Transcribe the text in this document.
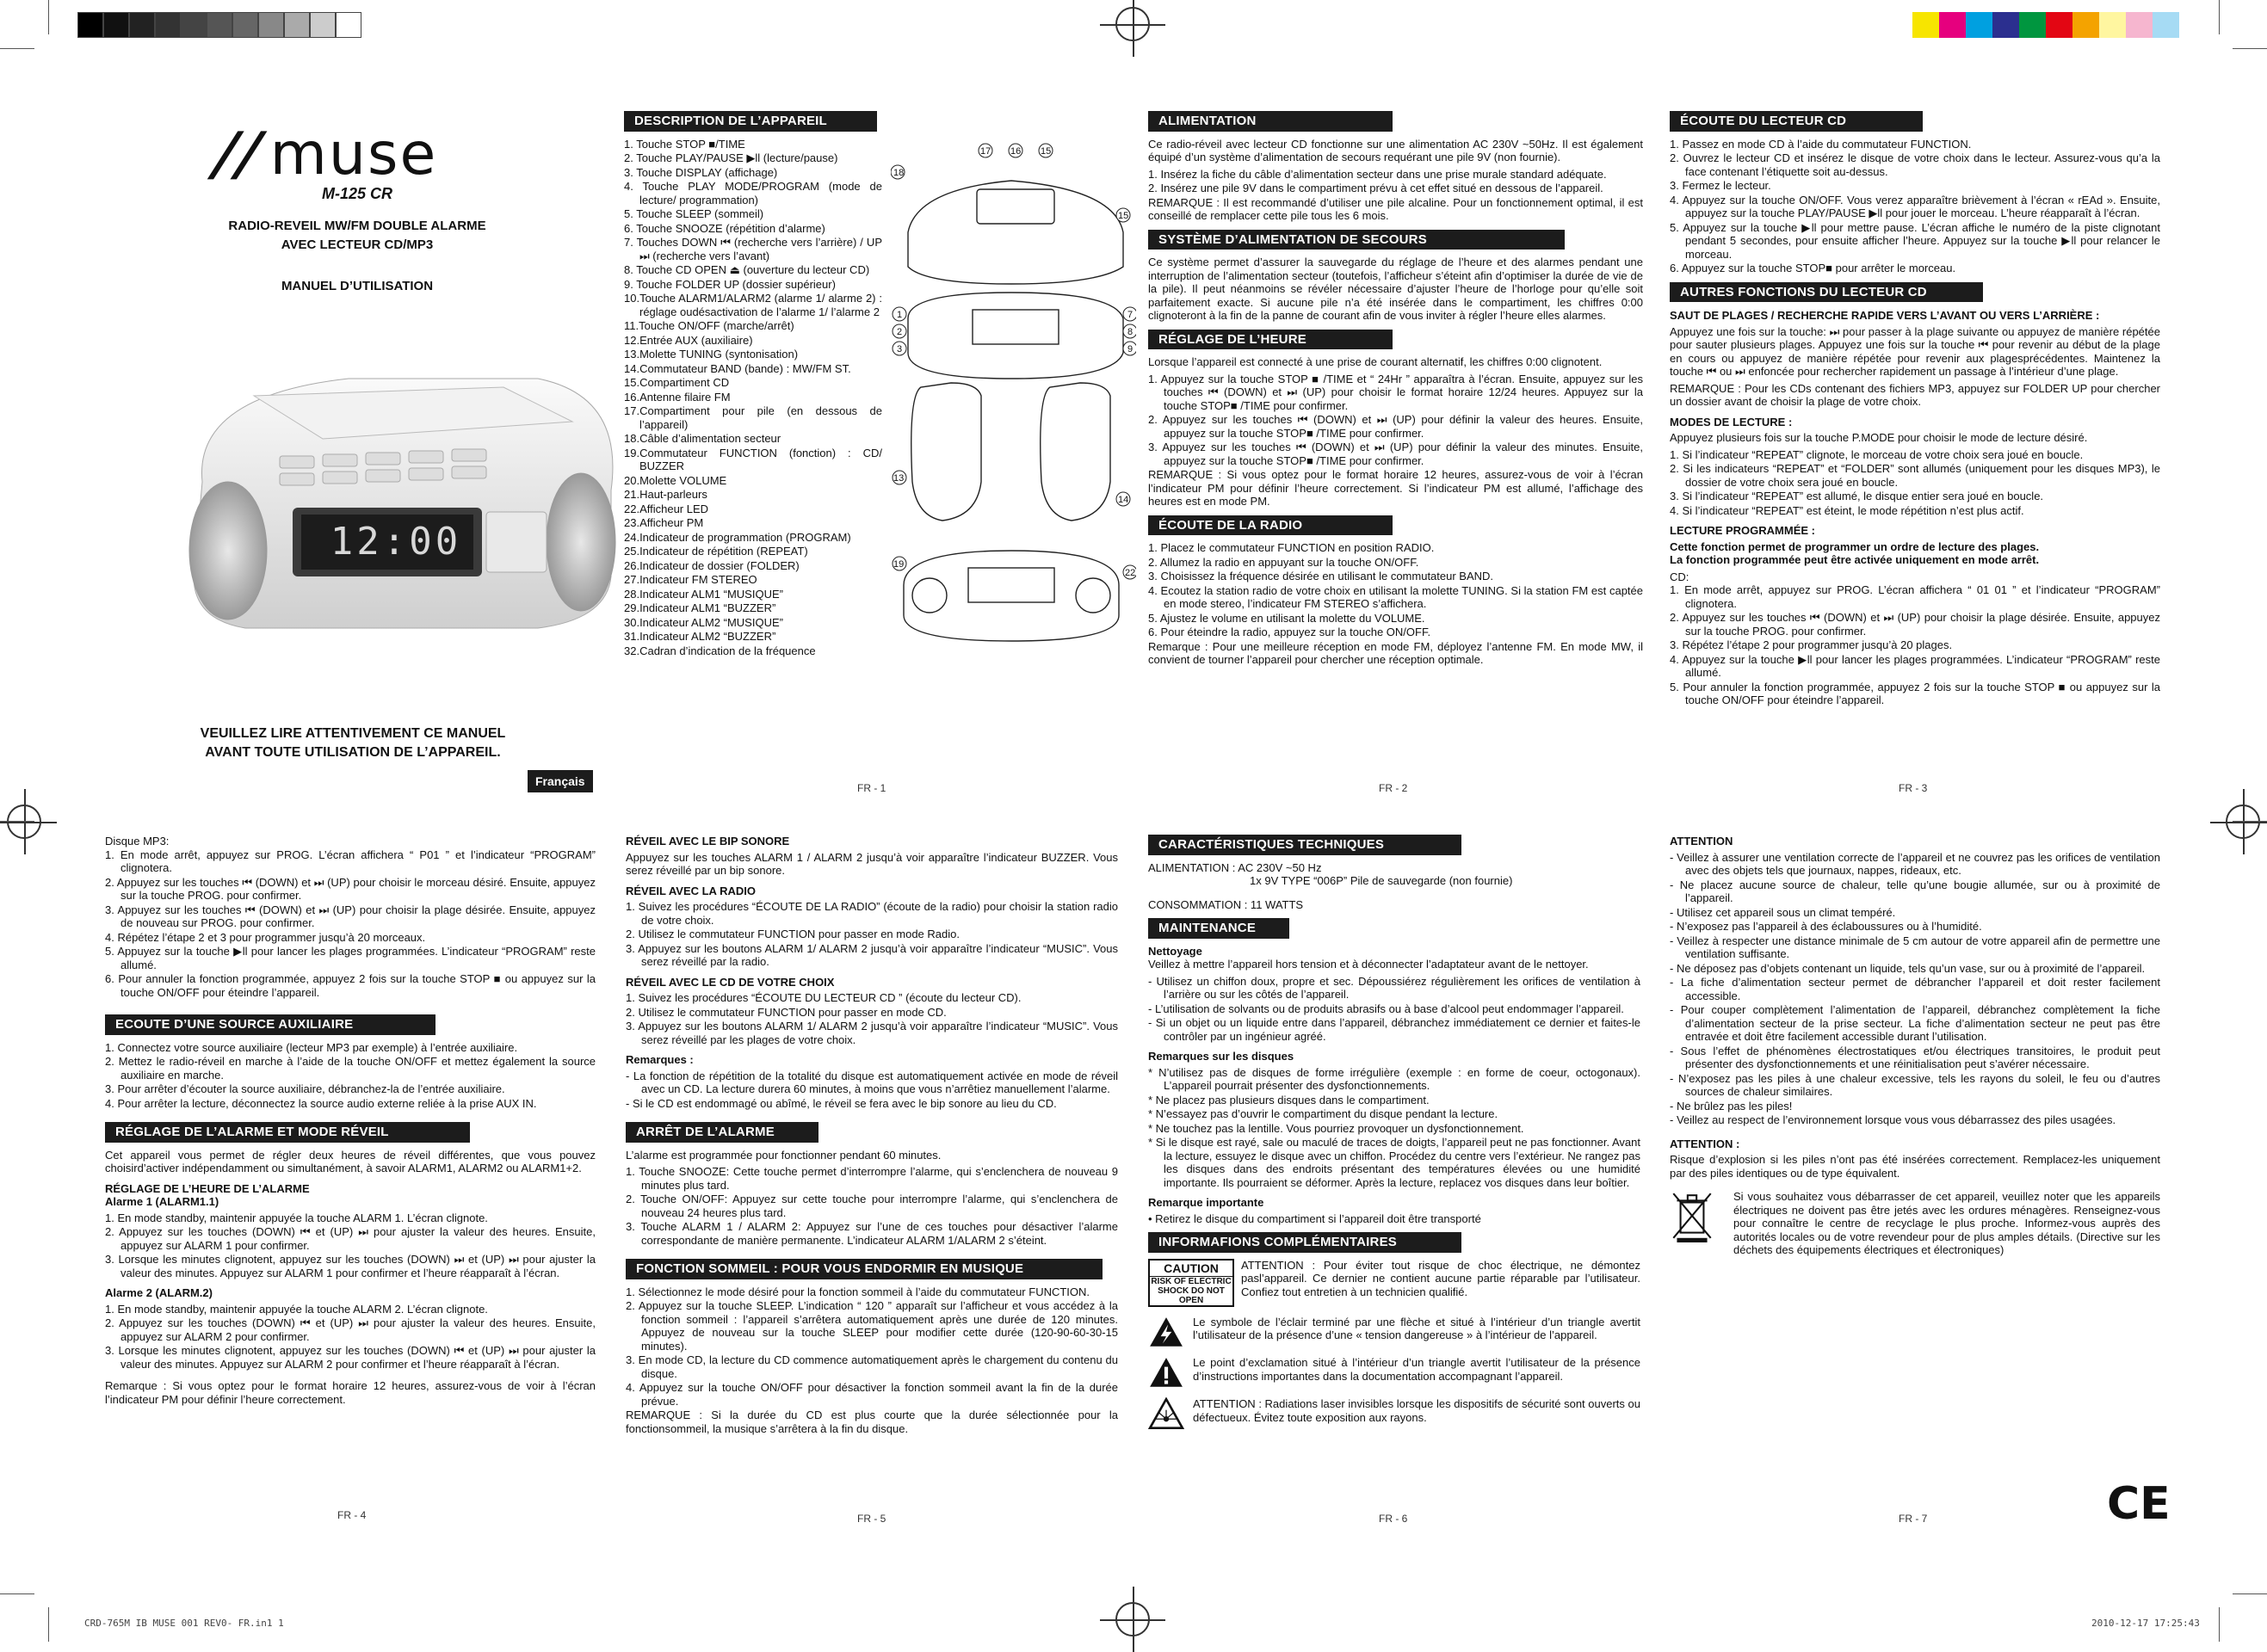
//muse
M-125 CR
RADIO-REVEIL MW/FM DOUBLE ALARME
AVEC LECTEUR CD/MP3
MANUEL D’UTILISATION
12:00
VEUILLEZ LIRE ATTENTIVEMENT CE MANUEL
AVANT TOUTE UTILISATION DE L’APPAREIL.
Français
DESCRIPTION DE L’APPAREIL
1. Touche STOP ■/TIME
2. Touche PLAY/PAUSE ▶ll (lecture/pause)
3. Touche DISPLAY (affichage)
4. Touche PLAY MODE/PROGRAM (mode de lecture/ programmation)
5. Touche SLEEP (sommeil)
6. Touche SNOOZE (répétition d’alarme)
7. Touches DOWN ⏮ (recherche vers l’arrière) / UP ⏭ (recherche vers l’avant)
8. Touche CD OPEN ⏏ (ouverture du lecteur CD)
9. Touche FOLDER UP (dossier supérieur)
10.Touche ALARM1/ALARM2 (alarme 1/ alarme 2) : réglage oudésactivation de l’alarme 1/ l’alarme 2
11.Touche ON/OFF (marche/arrêt)
12.Entrée AUX (auxiliaire)
13.Molette TUNING (syntonisation)
14.Commutateur BAND (bande) : MW/FM ST.
15.Compartiment CD
16.Antenne filaire FM
17.Compartiment pour pile (en dessous de l’appareil)
18.Câble d’alimentation secteur
19.Commutateur FUNCTION (fonction) : CD/ BUZZER
20.Molette VOLUME
21.Haut-parleurs
22.Afficheur LED
23.Afficheur PM
24.Indicateur de programmation (PROGRAM)
25.Indicateur de répétition (REPEAT)
26.Indicateur de dossier (FOLDER)
27.Indicateur FM STEREO
28.Indicateur ALM1 “MUSIQUE”
29.Indicateur ALM1 “BUZZER”
30.Indicateur ALM2 “MUSIQUE”
31.Indicateur ALM2 “BUZZER”
32.Cadran d’indication de la fréquence
18
17 16 15
15
1
2
3
7
8
9
13
14
19
22
ALIMENTATION
Ce radio-réveil avec lecteur CD fonctionne sur une alimentation AC 230V ~50Hz. Il est également équipé d’un système d’alimentation de secours requérant une pile 9V (non fournie).
1. Insérez la fiche du câble d’alimentation secteur dans une prise murale standard adéquate.
2. Insérez une pile 9V dans le compartiment prévu à cet effet situé en dessous de l’appareil.
REMARQUE : Il est recommandé d’utiliser une pile alcaline. Pour un fonctionnement optimal, il est conseillé de remplacer cette pile tous les 6 mois.
SYSTÈME D’ALIMENTATION DE SECOURS
Ce système permet d’assurer la sauvegarde du réglage de l’heure et des alarmes pendant une interruption de l’alimentation secteur (toutefois, l’afficheur s’éteint afin d’optimiser la durée de vie de la pile). Il peut néanmoins se révéler nécessaire d’ajuster l’heure de l’horloge pour qu’elle soit parfaitement exacte. Si aucune pile n’a été insérée dans le compartiment, les chiffres 0:00 clignoteront à la fin de la panne de courant afin de vous inviter à régler l’heure elles alarmes.
RÉGLAGE DE L’HEURE
Lorsque l’appareil est connecté à une prise de courant alternatif, les chiffres 0:00 clignotent.
1. Appuyez sur la touche STOP ■ /TIME et “ 24Hr ” apparaîtra à l’écran. Ensuite, appuyez sur les touches ⏮ (DOWN) et ⏭ (UP) pour choisir le format horaire 12/24 heures. Appuyez sur la touche STOP■ /TIME pour confirmer.
2. Appuyez sur les touches ⏮ (DOWN) et ⏭ (UP) pour définir la valeur des heures. Ensuite, appuyez sur la touche STOP■ /TIME pour confirmer.
3. Appuyez sur les touches ⏮ (DOWN) et ⏭ (UP) pour définir la valeur des minutes. Ensuite, appuyez sur la touche STOP■ /TIME pour confirmer.
REMARQUE : Si vous optez pour le format horaire 12 heures, assurez-vous de voir à l’écran l’indicateur PM pour définir l’heure correctement. Si l’indicateur PM est allumé, l’affichage des heures est en mode PM.
ÉCOUTE DE LA RADIO
1. Placez le commutateur FUNCTION en position RADIO.
2. Allumez la radio en appuyant sur la touche ON/OFF.
3. Choisissez la fréquence désirée en utilisant le commutateur BAND.
4. Ecoutez la station radio de votre choix en utilisant la molette TUNING. Si la station FM est captée en mode stereo, l’indicateur FM STEREO s’affichera.
5. Ajustez le volume en utilisant la molette du VOLUME.
6. Pour éteindre la radio, appuyez sur la touche ON/OFF.
Remarque : Pour une meilleure réception en mode FM, déployez l’antenne FM. En mode MW, il convient de tourner l’appareil pour chercher une réception optimale.
ÉCOUTE DU LECTEUR CD
1. Passez en mode CD à l’aide du commutateur FUNCTION.
2. Ouvrez le lecteur CD et insérez le disque de votre choix dans le lecteur. Assurez-vous qu’a la face contenant l’étiquette soit au-dessus.
3. Fermez le lecteur.
4. Appuyez sur la touche ON/OFF. Vous verez apparaître brièvement à l’écran « rEAd ». Ensuite, appuyez sur la touche PLAY/PAUSE ▶ll pour jouer le morceau. L’heure réapparaît à l’écran.
5. Appuyez sur la touche ▶ll pour mettre pause. L’écran affiche le numéro de la piste clignotant pendant 5 secondes, pour ensuite afficher l’heure. Appuyez sur la touche ▶ll pour relancer le morceau.
6. Appuyez sur la touche STOP■ pour arrêter le morceau.
AUTRES FONCTIONS DU LECTEUR CD
SAUT DE PLAGES / RECHERCHE RAPIDE VERS L’AVANT OU VERS L’ARRIÈRE :
Appuyez une fois sur la touche: ⏭ pour passer à la plage suivante ou appuyez de manière répétée pour sauter plusieurs plages. Appuyez une fois sur la touche ⏮ pour revenir au début de la plage en cours ou appuyez de manière répétée pour revenir aux plagesprécédentes. Maintenez la touche ⏮ ou ⏭ enfoncée pour rechercher rapidement un passage à l’intérieur d’une plage.
REMARQUE : Pour les CDs contenant des fichiers MP3, appuyez sur FOLDER UP pour chercher un dossier avant de choisir la plage de votre choix.
MODES DE LECTURE :
Appuyez plusieurs fois sur la touche P.MODE pour choisir le mode de lecture désiré.
1. Si l’indicateur “REPEAT” clignote, le morceau de votre choix sera joué en boucle.
2. Si les indicateurs “REPEAT” et “FOLDER” sont allumés (uniquement pour les disques MP3), le dossier de votre choix sera joué en boucle.
3. Si l’indicateur “REPEAT” est allumé, le disque entier sera joué en boucle.
4. Si l’indicateur “REPEAT” est éteint, le mode répétition n’est plus actif.
LECTURE PROGRAMMÉE :
Cette fonction permet de programmer un ordre de lecture des plages.
La fonction programmée peut être activée uniquement en mode arrêt.
CD:
1. En mode arrêt, appuyez sur PROG. L’écran affichera “ 01 01 ” et l’indicateur “PROGRAM” clignotera.
2. Appuyez sur les touches ⏮ (DOWN) et ⏭ (UP) pour choisir la plage désirée. Ensuite, appuyez sur la touche PROG. pour confirmer.
3. Répétez l’étape 2 pour programmer jusqu’à 20 plages.
4. Appuyez sur la touche ▶ll pour lancer les plages programmées. L’indicateur “PROGRAM” reste allumé.
5. Pour annuler la fonction programmée, appuyez 2 fois sur la touche STOP ■ ou appuyez sur la touche ON/OFF pour éteindre l’appareil.
Disque MP3:
1. En mode arrêt, appuyez sur PROG. L’écran affichera “ P01 ” et l’indicateur “PROGRAM” clignotera.
2. Appuyez sur les touches ⏮ (DOWN) et ⏭ (UP) pour choisir le morceau désiré. Ensuite, appuyez sur la touche PROG. pour confirmer.
3. Appuyez sur les touches ⏮ (DOWN) et ⏭ (UP) pour choisir la plage désirée. Ensuite, appuyez de nouveau sur PROG. pour confirmer.
4. Répétez l’étape 2 et 3 pour programmer jusqu’à 20 morceaux.
5. Appuyez sur la touche ▶ll pour lancer les plages programmées. L’indicateur “PROGRAM” reste allumé.
6. Pour annuler la fonction programmée, appuyez 2 fois sur la touche STOP ■ ou appuyez sur la touche ON/OFF pour éteindre l’appareil.
ECOUTE D’UNE SOURCE AUXILIAIRE
1. Connectez votre source auxiliaire (lecteur MP3 par exemple) à l’entrée auxiliaire.
2. Mettez le radio-réveil en marche à l’aide de la touche ON/OFF et mettez également la source auxiliaire en marche.
3. Pour arrêter d’écouter la source auxiliaire, débranchez-la de l’entrée auxiliaire.
4. Pour arrêter la lecture, déconnectez la source audio externe reliée à la prise AUX IN.
RÉGLAGE DE L’ALARME ET MODE RÉVEIL
Cet appareil vous permet de régler deux heures de réveil différentes, que vous pouvez choisird’activer indépendamment ou simultanément, à savoir ALARM1, ALARM2 ou ALARM1+2.
RÉGLAGE DE L’HEURE DE L’ALARME
Alarme 1 (ALARM1.1)
1. En mode standby, maintenir appuyée la touche ALARM 1. L’écran clignote.
2. Appuyez sur les touches (DOWN) ⏮ et (UP) ⏭ pour ajuster la valeur des heures. Ensuite, appuyez sur ALARM 1 pour confirmer.
3. Lorsque les minutes clignotent, appuyez sur les touches (DOWN) ⏭ et (UP) ⏭ pour ajuster la valeur des minutes. Appuyez sur ALARM 1 pour confirmer et l’heure réapparaît à l’écran.
Alarme 2 (ALARM.2)
1. En mode standby, maintenir appuyée la touche ALARM 2. L’écran clignote.
2. Appuyez sur les touches (DOWN) ⏮ et (UP) ⏭ pour ajuster la valeur des heures. Ensuite, appuyez sur ALARM 2 pour confirmer.
3. Lorsque les minutes clignotent, appuyez sur les touches (DOWN) ⏮ et (UP) ⏭ pour ajuster la valeur des minutes. Appuyez sur ALARM 2 pour confirmer et l’heure réapparaît à l’écran.
Remarque : Si vous optez pour le format horaire 12 heures, assurez-vous de voir à l’écran l’indicateur PM pour définir l’heure correctement.
RÉVEIL AVEC LE BIP SONORE
Appuyez sur les touches ALARM 1 / ALARM 2 jusqu’à voir apparaître l’indicateur BUZZER. Vous serez réveillé par un bip sonore.
RÉVEIL AVEC LA RADIO
1. Suivez les procédures “ÉCOUTE DE LA RADIO” (écoute de la radio) pour choisir la station radio de votre choix.
2. Utilisez le commutateur FUNCTION pour passer en mode Radio.
3. Appuyez sur les boutons ALARM 1/ ALARM 2 jusqu’à voir apparaître l’indicateur “MUSIC”. Vous serez réveillé par la radio.
RÉVEIL AVEC LE CD DE VOTRE CHOIX
1. Suivez les procédures “ÉCOUTE DU LECTEUR CD ” (écoute du lecteur CD).
2. Utilisez le commutateur FUNCTION pour passer en mode CD.
3. Appuyez sur les boutons ALARM 1/ ALARM 2 jusqu’à voir apparaître l’indicateur “MUSIC”. Vous serez réveillé par les plages de votre choix.
Remarques :
- La fonction de répétition de la totalité du disque est automatiquement activée en mode de réveil avec un CD. La lecture durera 60 minutes, à moins que vous n’arrêtiez manuellement l’alarme.
- Si le CD est endommagé ou abîmé, le réveil se fera avec le bip sonore au lieu du CD.
ARRÊT DE L’ALARME
L’alarme est programmée pour fonctionner pendant 60 minutes.
1. Touche SNOOZE: Cette touche permet d’interrompre l’alarme, qui s’enclenchera de nouveau 9 minutes plus tard.
2. Touche ON/OFF: Appuyez sur cette touche pour interrompre l’alarme, qui s’enclenchera de nouveau 24 heures plus tard.
3. Touche ALARM 1 / ALARM 2: Appuyez sur l’une de ces touches pour désactiver l’alarme correspondante de manière permanente. L’indicateur ALARM 1/ALARM 2 s’éteint.
FONCTION SOMMEIL : POUR VOUS ENDORMIR EN MUSIQUE
1. Sélectionnez le mode désiré pour la fonction sommeil à l’aide du commutateur FUNCTION.
2. Appuyez sur la touche SLEEP. L’indication “ 120 ” apparaît sur l’afficheur et vous accédez à la fonction sommeil : l’appareil s’arrêtera automatiquement après une durée de 120 minutes. Appuyez de nouveau sur la touche SLEEP pour modifier cette durée (120-90-60-30-15 minutes).
3. En mode CD, la lecture du CD commence automatiquement après le chargement du contenu du disque.
4. Appuyez sur la touche ON/OFF pour désactiver la fonction sommeil avant la fin de la durée prévue.
REMARQUE : Si la durée du CD est plus courte que la durée sélectionnée pour la fonctionsommeil, la musique s’arrêtera à la fin du disque.
CARACTÉRISTIQUES TECHNIQUES
ALIMENTATION : AC 230V ~50 Hz
1x 9V TYPE “006P” Pile de sauvegarde (non fournie)
CONSOMMATION : 11 WATTS
MAINTENANCE
Nettoyage
Veillez à mettre l’appareil hors tension et à déconnecter l’adaptateur avant de le nettoyer.
- Utilisez un chiffon doux, propre et sec. Dépoussiérez régulièrement les orifices de ventilation à l’arrière ou sur les côtés de l’appareil.
- L’utilisation de solvants ou de produits abrasifs ou à base d’alcool peut endommager l’appareil.
- Si un objet ou un liquide entre dans l’appareil, débranchez immédiatement ce dernier et faites-le contrôler par un ingénieur agréé.
Remarques sur les disques
* N’utilisez pas de disques de forme irrégulière (exemple : en forme de coeur, octogonaux). L’appareil pourrait présenter des dysfonctionnements.
* Ne placez pas plusieurs disques dans le compartiment.
* N’essayez pas d’ouvrir le compartiment du disque pendant la lecture.
* Ne touchez pas la lentille. Vous pourriez provoquer un dysfonctionnement.
* Si le disque est rayé, sale ou maculé de traces de doigts, l’appareil peut ne pas fonctionner. Avant la lecture, essuyez le disque avec un chiffon. Procédez du centre vers l’extérieur. Ne rangez pas les disques dans des endroits présentant des températures élevées ou une humidité importante. Ils pourraient se déformer. Après la lecture, replacez vos disques dans leur boîtier.
Remarque importante
• Retirez le disque du compartiment si l’appareil doit être transporté
INFORMAFIONS COMPLÉMENTAIRES
CAUTION
RISK OF ELECTRIC SHOCK DO NOT OPEN
ATTENTION : Pour éviter tout risque de choc électrique, ne démontez pasl’appareil. Ce dernier ne contient aucune partie réparable par l’utilisateur. Confiez tout entretien à un technicien qualifié.
Le symbole de l’éclair terminé par une flèche et situé à l’intérieur d’un triangle avertit l’utilisateur de la présence d’une « tension dangereuse » à l’intérieur de l’appareil.
Le point d’exclamation situé à l’intérieur d’un triangle avertit l’utilisateur de la présence d’instructions importantes dans la documentation accompagnant l’appareil.
ATTENTION : Radiations laser invisibles lorsque les dispositifs de sécurité sont ouverts ou défectueux. Évitez toute exposition aux rayons.
ATTENTION
- Veillez à assurer une ventilation correcte de l’appareil et ne couvrez pas les orifices de ventilation avec des objets tels que journaux, nappes, rideaux, etc.
- Ne placez aucune source de chaleur, telle qu’une bougie allumée, sur ou à proximité de l’appareil.
- Utilisez cet appareil sous un climat tempéré.
- N’exposez pas l’appareil à des éclaboussures ou à l’humidité.
- Veillez à respecter une distance minimale de 5 cm autour de votre appareil afin de permettre une ventilation suffisante.
- Ne déposez pas d’objets contenant un liquide, tels qu’un vase, sur ou à proximité de l’appareil.
- La fiche d’alimentation secteur permet de débrancher l’appareil et doit rester facilement accessible.
- Pour couper complètement l’alimentation de l’appareil, débranchez complètement la fiche d’alimentation secteur de la prise secteur. La fiche d’alimentation secteur ne peut pas être entravée et doit être facilement accessible durant l’utilisation.
- Sous l’effet de phénomènes électrostatiques et/ou électriques transitoires, le produit peut présenter des dysfonctionnements et une réinitialisation peut s’avérer nécessaire.
- N’exposez pas les piles à une chaleur excessive, tels les rayons du soleil, le feu ou d’autres sources de chaleur similaires.
- Ne brûlez pas les piles!
- Veillez au respect de l’environnement lorsque vous vous débarrassez des piles usagées.
ATTENTION :
Risque d’explosion si les piles n’ont pas été insérées correctement. Remplacez-les uniquement par des piles identiques ou de type équivalent.
Si vous souhaitez vous débarrasser de cet appareil, veuillez noter que les appareils électriques ne doivent pas être jetés avec les ordures ménagères. Renseignez-vous pour connaître le centre de recyclage le plus proche. Informez-vous auprès des autorités locales ou de votre revendeur pour de plus amples détails. (Directive sur les déchets des équipements électriques et électroniques)
CE
FR - 1	FR - 2	FR - 3
FR - 4	FR - 5	FR - 6	FR - 7
CRD-765M IB MUSE 001 REV0- FR.in1 1	2010-12-17 17:25:43
